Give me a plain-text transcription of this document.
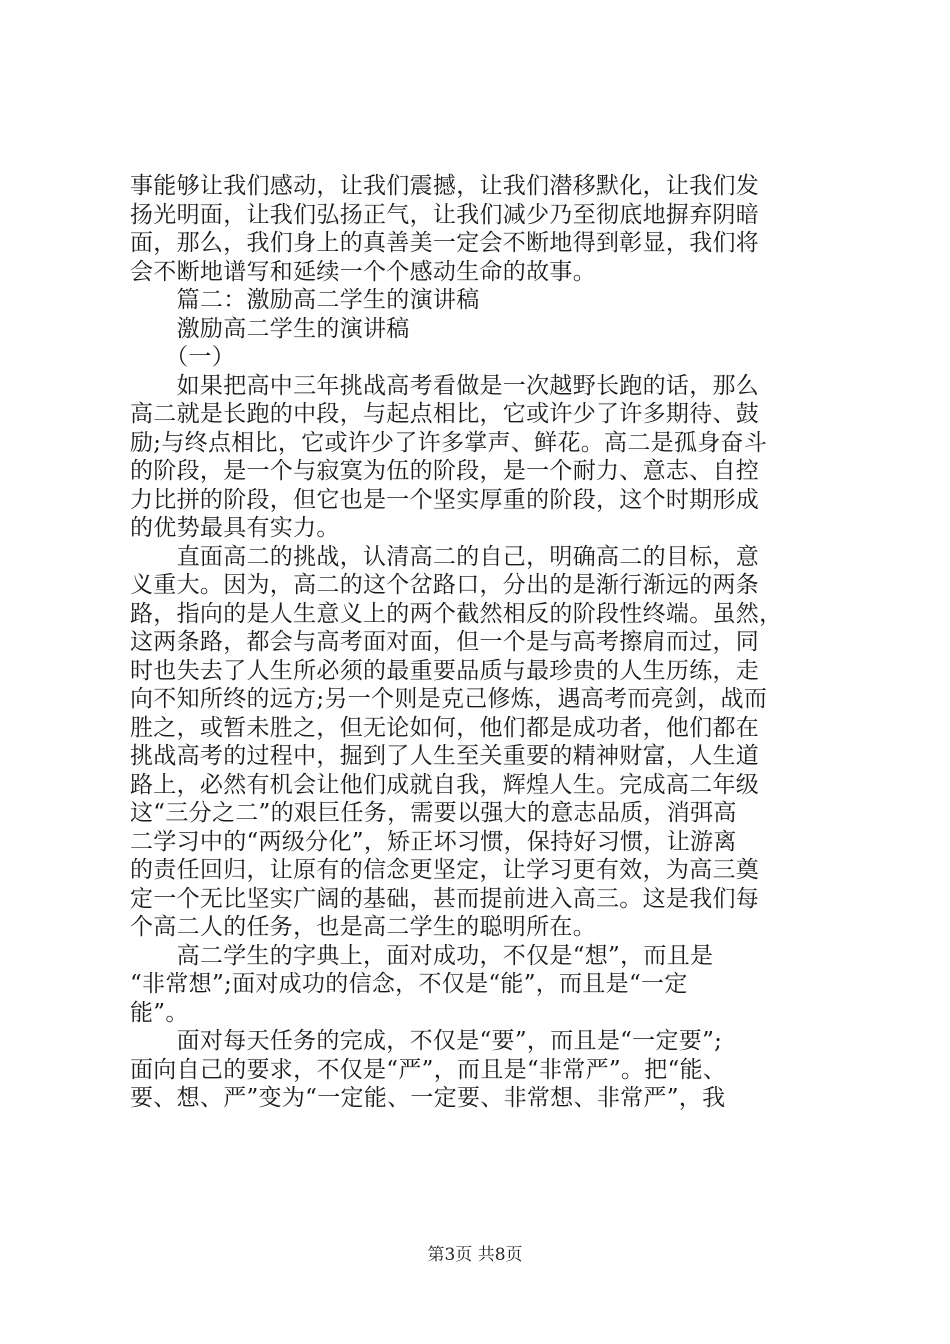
事能够让我们感动，让我们震撼，让我们潜移默化，让我们发
扬光明面，让我们弘扬正气，让我们减少乃至彻底地摒弃阴暗
面，那么，我们身上的真善美一定会不断地得到彰显，我们将
会不断地谱写和延续一个个感动生命的故事。
　　篇二：激励高二学生的演讲稿
　　激励高二学生的演讲稿
　　（一）
　　如果把高中三年挑战高考看做是一次越野长跑的话，那么
高二就是长跑的中段，与起点相比，它或许少了许多期待、鼓
励;与终点相比，它或许少了许多掌声、鲜花。高二是孤身奋斗
的阶段，是一个与寂寞为伍的阶段，是一个耐力、意志、自控
力比拼的阶段，但它也是一个坚实厚重的阶段，这个时期形成
的优势最具有实力。
　　直面高二的挑战，认清高二的自己，明确高二的目标，意
义重大。因为，高二的这个岔路口，分出的是渐行渐远的两条
路，指向的是人生意义上的两个截然相反的阶段性终端。虽然，
这两条路，都会与高考面对面，但一个是与高考擦肩而过，同
时也失去了人生所必须的最重要品质与最珍贵的人生历练，走
向不知所终的远方;另一个则是克己修炼，遇高考而亮剑，战而
胜之，或暂未胜之，但无论如何，他们都是成功者，他们都在
挑战高考的过程中，掘到了人生至关重要的精神财富，人生道
路上，必然有机会让他们成就自我，辉煌人生。完成高二年级
这“三分之二”的艰巨任务，需要以强大的意志品质，消弭高
二学习中的“两级分化”，矫正坏习惯，保持好习惯，让游离
的责任回归，让原有的信念更坚定，让学习更有效，为高三奠
定一个无比坚实广阔的基础，甚而提前进入高三。这是我们每
个高二人的任务，也是高二学生的聪明所在。
　　高二学生的字典上，面对成功，不仅是“想”，而且是
“非常想”;面对成功的信念，不仅是“能”，而且是“一定
能”。
　　面对每天任务的完成，不仅是“要”，而且是“一定要”;
面向自己的要求，不仅是“严”，而且是“非常严”。把“能、
要、想、严”变为“一定能、一定要、非常想、非常严”，我
第3页 共8页
